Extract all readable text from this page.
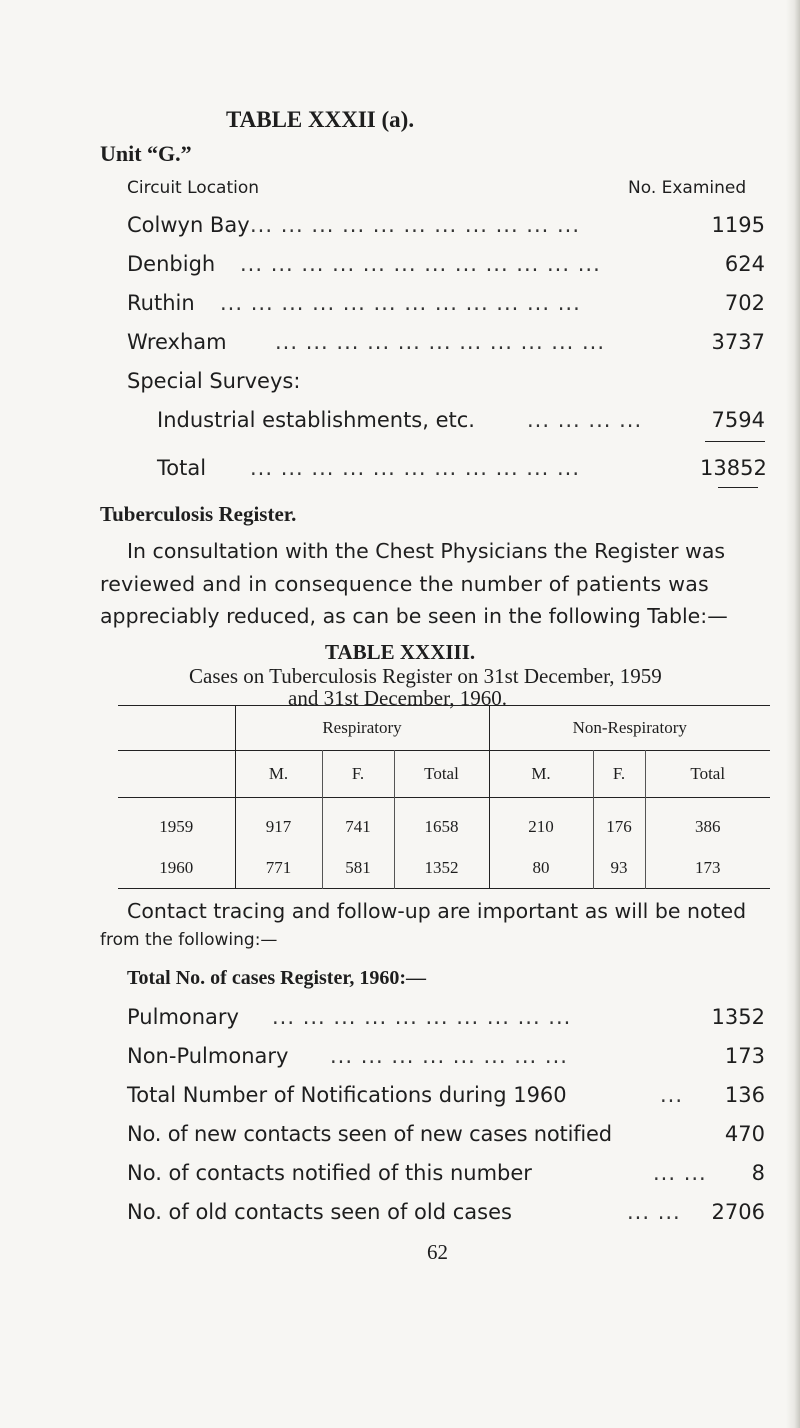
TABLE XXXII (a).
Unit “G.”
Circuit Location	No. Examined
Colwyn Bay ... ... ... ... ... ... ... ... ... ... ...	1195
Denbigh ... ... ... ... ... ... ... ... ... ... ... ...	624
Ruthin ... ... ... ... ... ... ... ... ... ... ... ...	702
Wrexham ... ... ... ... ... ... ... ... ... ... ...	3737
Special Surveys:
Industrial establishments, etc. ... ... ... ...	7594
Total ... ... ... ... ... ... ... ... ... ... ...	13852
Tuberculosis Register.
In consultation with the Chest Physicians the Register was
reviewed and in consequence the number of patients was
appreciably reduced, as can be seen in the following Table:—
TABLE XXXIII.
Cases on Tuberculosis Register on 31st December, 1959
and 31st December, 1960.
	Respiratory			Non-Respiratory		
	M.	F.	Total	M.	F.	Total
1959	917	741	1658	210	176	386
1960	771	581	1352	80	93	173
Contact tracing and follow-up are important as will be noted
from the following:—
Total No. of cases Register, 1960:—
Pulmonary ... ... ... ... ... ... ... ... ... ...	1352
Non-Pulmonary ... ... ... ... ... ... ... ...	173
Total Number of Notifications during 1960	...	136
No. of new contacts seen of new cases notified	470
No. of contacts notified of this number	... ...	8
No. of old contacts seen of old cases	... ...	2706
62
